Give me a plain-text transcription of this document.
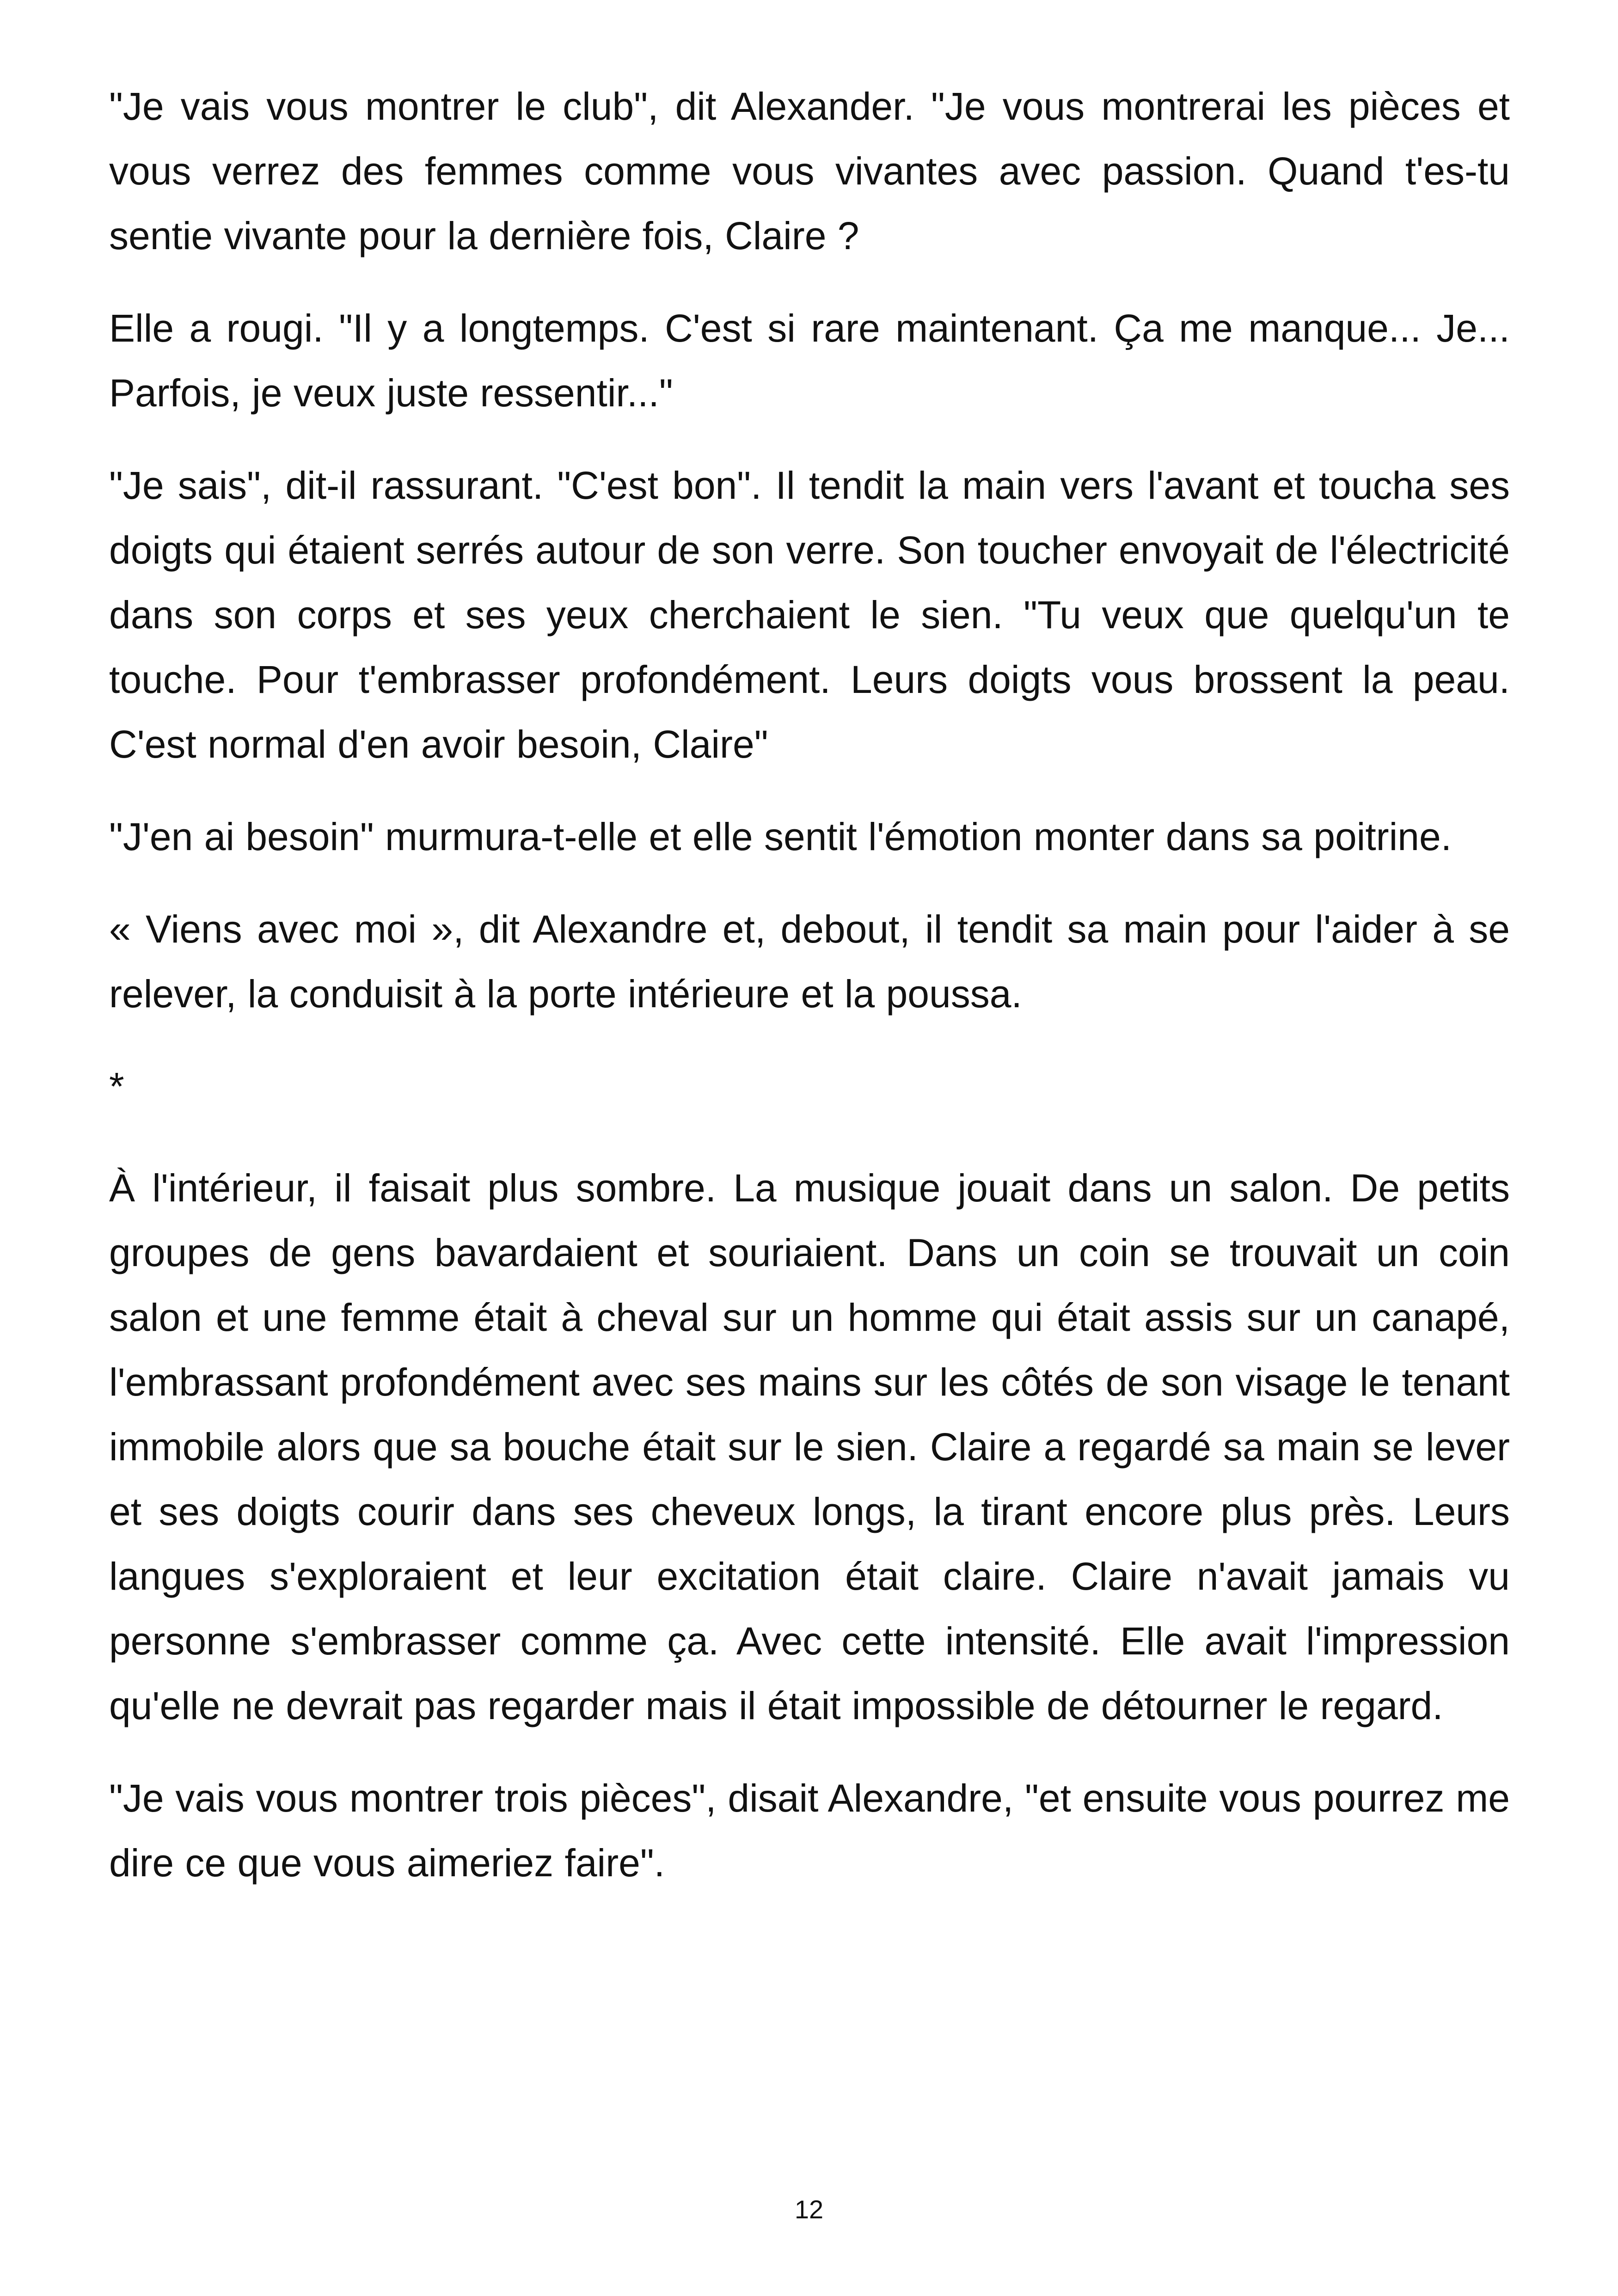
"Je vais vous montrer le club", dit Alexander. "Je vous montrerai les pièces et vous verrez des femmes comme vous vivantes avec passion. Quand t'es-tu sentie vivante pour la dernière fois, Claire ?

Elle a rougi. "Il y a longtemps. C'est si rare maintenant. Ça me manque... Je... Parfois, je veux juste ressentir..."

"Je sais", dit-il rassurant. "C'est bon". Il tendit la main vers l'avant et toucha ses doigts qui étaient serrés autour de son verre. Son toucher envoyait de l'électricité dans son corps et ses yeux cherchaient le sien. "Tu veux que quelqu'un te touche. Pour t'embrasser profondément. Leurs doigts vous brossent la peau. C'est normal d'en avoir besoin, Claire"

"J'en ai besoin" murmura-t-elle et elle sentit l'émotion monter dans sa poitrine.

« Viens avec moi », dit Alexandre et, debout, il tendit sa main pour l'aider à se relever, la conduisit à la porte intérieure et la poussa.

*

À l'intérieur, il faisait plus sombre. La musique jouait dans un salon. De petits groupes de gens bavardaient et souriaient. Dans un coin se trouvait un coin salon et une femme était à cheval sur un homme qui était assis sur un canapé, l'embrassant profondément avec ses mains sur les côtés de son visage le tenant immobile alors que sa bouche était sur le sien. Claire a regardé sa main se lever et ses doigts courir dans ses cheveux longs, la tirant encore plus près. Leurs langues s'exploraient et leur excitation était claire. Claire n'avait jamais vu personne s'embrasser comme ça. Avec cette intensité. Elle avait l'impression qu'elle ne devrait pas regarder mais il était impossible de détourner le regard.

"Je vais vous montrer trois pièces", disait Alexandre, "et ensuite vous pourrez me dire ce que vous aimeriez faire".

12
